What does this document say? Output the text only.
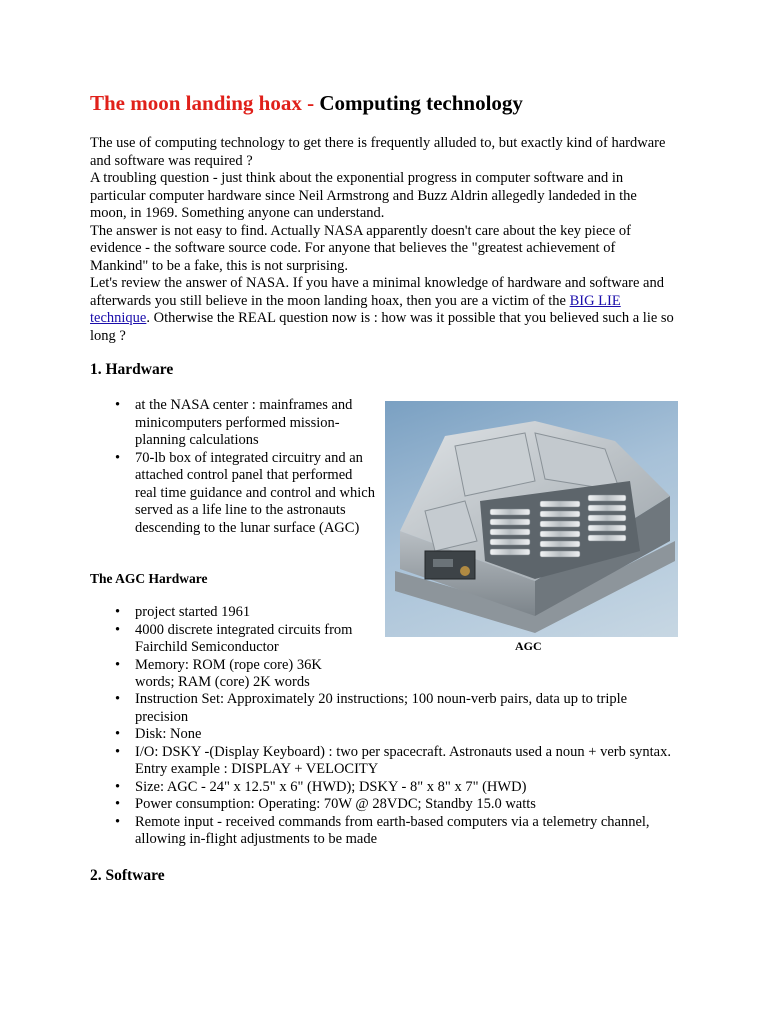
The moon landing hoax - Computing technology

The use of computing technology to get there is frequently alluded to, but exactly kind of hardware and software was required ?

A troubling question - just think about the exponential progress in computer software and in particular computer hardware since Neil Armstrong and Buzz Aldrin allegedly landeded in the moon, in 1969. Something anyone can understand.

The answer is not easy to find. Actually NASA apparently doesn't care about the key piece of evidence - the software source code. For anyone that believes the "greatest achievement of Mankind" to be a fake, this is not surprising.

Let's review the answer of NASA. If you have a minimal knowledge of hardware and software and afterwards you still believe in the moon landing hoax, then you are a victim of the BIG LIE technique. Otherwise the REAL question now is : how was it possible that you believed such a lie so long ?

1. Hardware
• at the NASA center : mainframes and minicomputers performed mission-planning calculations
• 70-lb box of integrated circuitry and an attached control panel that performed real time guidance and control and which served as a life line to the astronauts descending to the lunar surface (AGC)
The AGC Hardware
• project started 1961
• 4000 discrete integrated circuits from Fairchild Semiconductor
• Memory: ROM (rope core) 36K words; RAM (core) 2K words
• Instruction Set: Approximately 20 instructions; 100 noun-verb pairs, data up to triple precision
• Disk: None
• I/O: DSKY -(Display Keyboard) : two per spacecraft. Astronauts used a noun + verb syntax. Entry example : DISPLAY + VELOCITY
• Size: AGC - 24" x 12.5" x 6" (HWD); DSKY - 8" x 8" x 7" (HWD)
• Power consumption: Operating: 70W @ 28VDC; Standby 15.0 watts
• Remote input - received commands from earth-based computers via a telemetry channel, allowing in-flight adjustments to be made
2. Software
AGC
